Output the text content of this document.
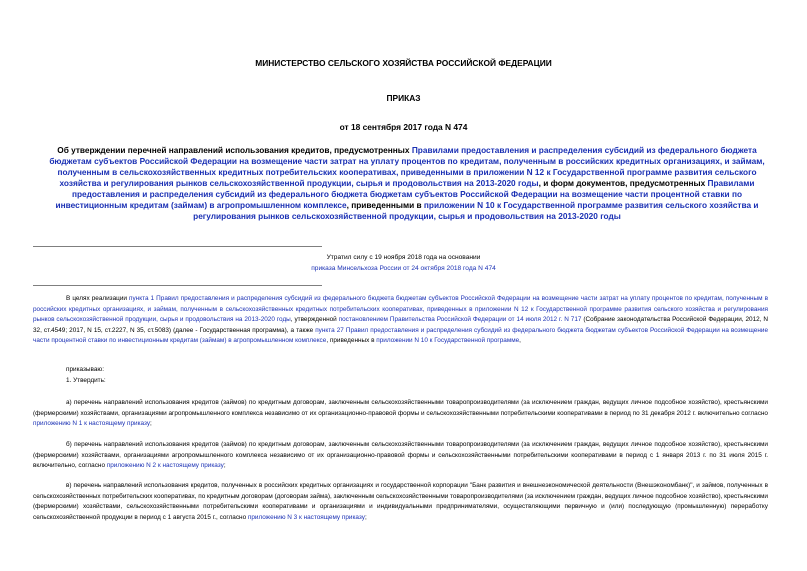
МИНИСТЕРСТВО СЕЛЬСКОГО ХОЗЯЙСТВА РОССИЙСКОЙ ФЕДЕРАЦИИ
ПРИКАЗ
от 18 сентября 2017 года N 474
Об утверждении перечней направлений использования кредитов, предусмотренных Правилами предоставления и распределения субсидий из федерального бюджета бюджетам субъектов Российской Федерации на возмещение части затрат на уплату процентов по кредитам, полученным в российских кредитных организациях, и займам, полученным в сельскохозяйственных кредитных потребительских кооперативах, приведенными в приложении N 12 к Государственной программе развития сельского хозяйства и регулирования рынков сельскохозяйственной продукции, сырья и продовольствия на 2013-2020 годы, и форм документов, предусмотренных Правилами предоставления и распределения субсидий из федерального бюджета бюджетам субъектов Российской Федерации на возмещение части процентной ставки по инвестиционным кредитам (займам) в агропромышленном комплексе, приведенными в приложении N 10 к Государственной программе развития сельского хозяйства и регулирования рынков сельскохозяйственной продукции, сырья и продовольствия на 2013-2020 годы
Утратил силу с 19 ноября 2018 года на основании
приказа Минсельхоза России от 24 октября 2018 года N 474
В целях реализации пункта 1 Правил предоставления и распределения субсидий из федерального бюджета бюджетам субъектов Российской Федерации на возмещение части затрат на уплату процентов по кредитам, полученным в российских кредитных организациях, и займам, полученным в сельскохозяйственных кредитных потребительских кооперативах, приведенных в приложении N 12 к Государственной программе развития сельского хозяйства и регулирования рынков сельскохозяйственной продукции, сырья и продовольствия на 2013-2020 годы, утвержденной постановлением Правительства Российской Федерации от 14 июля 2012 г. N 717 (Собрание законодательства Российской Федерации, 2012, N 32, ст.4549; 2017, N 15, ст.2227, N 35, ст.5083) (далее - Государственная программа), а также пункта 27 Правил предоставления и распределения субсидий из федерального бюджета бюджетам субъектов Российской Федерации на возмещение части процентной ставки по инвестиционным кредитам (займам) в агропромышленном комплексе, приведенных в приложении N 10 к Государственной программе,
приказываю:
1. Утвердить:
а) перечень направлений использования кредитов (займов) по кредитным договорам, заключенным сельскохозяйственными товаропроизводителями (за исключением граждан, ведущих личное подсобное хозяйство), крестьянскими (фермерскими) хозяйствами, организациями агропромышленного комплекса независимо от их организационно-правовой формы и сельскохозяйственными потребительскими кооперативами в период по 31 декабря 2012 г. включительно согласно приложению N 1 к настоящему приказу;
б) перечень направлений использования кредитов (займов) по кредитным договорам, заключенным сельскохозяйственными товаропроизводителями (за исключением граждан, ведущих личное подсобное хозяйство), крестьянскими (фермерскими) хозяйствами, организациями агропромышленного комплекса независимо от их организационно-правовой формы и сельскохозяйственными потребительскими кооперативами в период с 1 января 2013 г. по 31 июля 2015 г. включительно, согласно приложению N 2 к настоящему приказу;
в) перечень направлений использования кредитов, полученных в российских кредитных организациях и государственной корпорации "Банк развития и внешнеэкономической деятельности (Внешэкономбанк)", и займов, полученных в сельскохозяйственных потребительских кооперативах, по кредитным договорам (договорам займа), заключенным сельскохозяйственными товаропроизводителями (за исключением граждан, ведущих личное подсобное хозяйство), крестьянскими (фермерскими) хозяйствами, сельскохозяйственными потребительскими кооперативами и организациями и индивидуальными предпринимателями, осуществляющими первичную и (или) последующую (промышленную) переработку сельскохозяйственной продукции в период с 1 августа 2015 г., согласно приложению N 3 к настоящему приказу;
